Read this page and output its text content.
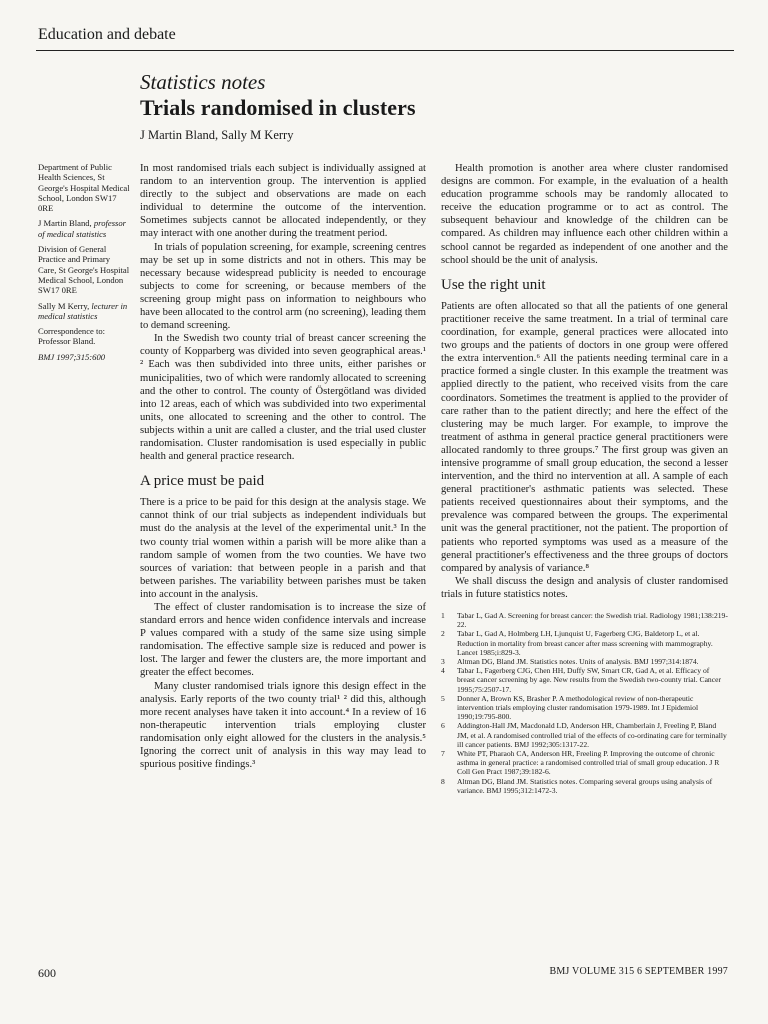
Education and debate
Statistics notes
Trials randomised in clusters
J Martin Bland, Sally M Kerry

Department of Public Health Sciences, St George's Hospital Medical School, London SW17 0RE

J Martin Bland, professor of medical statistics

Division of General Practice and Primary Care, St George's Hospital Medical School, London SW17 0RE

Sally M Kerry, lecturer in medical statistics

Correspondence to: Professor Bland.

BMJ 1997;315:600

In most randomised trials each subject is individually assigned at random to an intervention group. The intervention is applied directly to the subject and observations are made on each individual to determine the outcome of the intervention. Sometimes subjects cannot be allocated independently, or they may interact with one another during the treatment period.

In trials of population screening, for example, screening centres may be set up in some districts and not in others. This may be necessary because widespread publicity is needed to encourage subjects to come for screening, or because members of the screening group might pass on information to neighbours who have been allocated to the control arm (no screening), leading them to demand screening.

In the Swedish two county trial of breast cancer screening the county of Kopparberg was divided into seven geographical areas.¹ ² Each was then subdivided into three units, either parishes or municipalities, two of which were randomly allocated to screening and the other to control. The county of Östergötland was divided into 12 areas, each of which was subdivided into two experimental units, one allocated to screening and the other to control. The subjects within a unit are called a cluster, and the trial used cluster randomisation. Cluster randomisation is used especially in public health and general practice research.

A price must be paid

There is a price to be paid for this design at the analysis stage. We cannot think of our trial subjects as independent individuals but must do the analysis at the level of the experimental unit.³ In the two county trial women within a parish will be more alike than a random sample of women from the two counties. We have two sources of variation: that between people in a parish and that between parishes. The variability between parishes must be taken into account in the analysis.

The effect of cluster randomisation is to increase the size of standard errors and hence widen confidence intervals and increase P values compared with a study of the same size using simple randomisation. The effective sample size is reduced and power is lost. The larger and fewer the clusters are, the more important and greater the effect becomes.

Many cluster randomised trials ignore this design effect in the analysis. Early reports of the two county trial¹ ² did this, although more recent analyses have taken it into account.⁴ In a review of 16 non-therapeutic intervention trials employing cluster randomisation only eight allowed for the clusters in the analysis.⁵ Ignoring the correct unit of analysis in this way may lead to spurious positive findings.³

Health promotion is another area where cluster randomised designs are common. For example, in the evaluation of a health education programme schools may be randomly allocated to receive the education programme or to act as control. The subsequent behaviour and knowledge of the children can be compared. As children may influence each other children within a school cannot be regarded as independent of one another and the school should be the unit of analysis.

Use the right unit

Patients are often allocated so that all the patients of one general practitioner receive the same treatment. In a trial of terminal care coordination, for example, general practices were allocated into two groups and the patients of doctors in one group were offered the extra intervention.⁶ All the patients needing terminal care in a practice formed a single cluster. In this example the treatment was applied directly to the patient, who received visits from the care coordinators. Sometimes the treatment is applied to the provider of care rather than to the patient directly; and here the effect of the clustering may be much larger. For example, to improve the treatment of asthma in general practice general practitioners were allocated randomly to three groups.⁷ The first group was given an intensive programme of small group education, the second a lesser intervention, and the third no intervention at all. A sample of each general practitioner's asthmatic patients was selected. These patients received questionnaires about their symptoms, and the prevalence was compared between the groups. The experimental unit was the general practitioner, not the patient. The proportion of patients who reported symptoms was used as a measure of the general practitioner's effectiveness and the three groups of doctors compared by analysis of variance.⁸

We shall discuss the design and analysis of cluster randomised trials in future statistics notes.

1	Tabar L, Gad A. Screening for breast cancer: the Swedish trial. Radiology 1981;138:219-22.
2	Tabar L, Gad A, Holmberg LH, Ljunquist U, Fagerberg CJG, Baldetorp L, et al. Reduction in mortality from breast cancer after mass screening with mammography. Lancet 1985;i:829-3.
3	Altman DG, Bland JM. Statistics notes. Units of analysis. BMJ 1997;314:1874.
4	Tabar L, Fagerberg CJG, Chen HH, Duffy SW, Smart CR, Gad A, et al. Efficacy of breast cancer screening by age. New results from the Swedish two-county trial. Cancer 1995;75:2507-17.
5	Donner A, Brown KS, Brasher P. A methodological review of non-therapeutic intervention trials employing cluster randomisation 1979-1989. Int J Epidemiol 1990;19:795-800.
6	Addington-Hall JM, Macdonald LD, Anderson HR, Chamberlain J, Freeling P, Bland JM, et al. A randomised controlled trial of the effects of co-ordinating care for terminally ill cancer patients. BMJ 1992;305:1317-22.
7	White PT, Pharaoh CA, Anderson HR, Freeling P. Improving the outcome of chronic asthma in general practice: a randomised controlled trial of small group education. J R Coll Gen Pract 1987;39:182-6.
8	Altman DG, Bland JM. Statistics notes. Comparing several groups using analysis of variance. BMJ 1995;312:1472-3.
600	BMJ VOLUME 315 6 SEPTEMBER 1997
